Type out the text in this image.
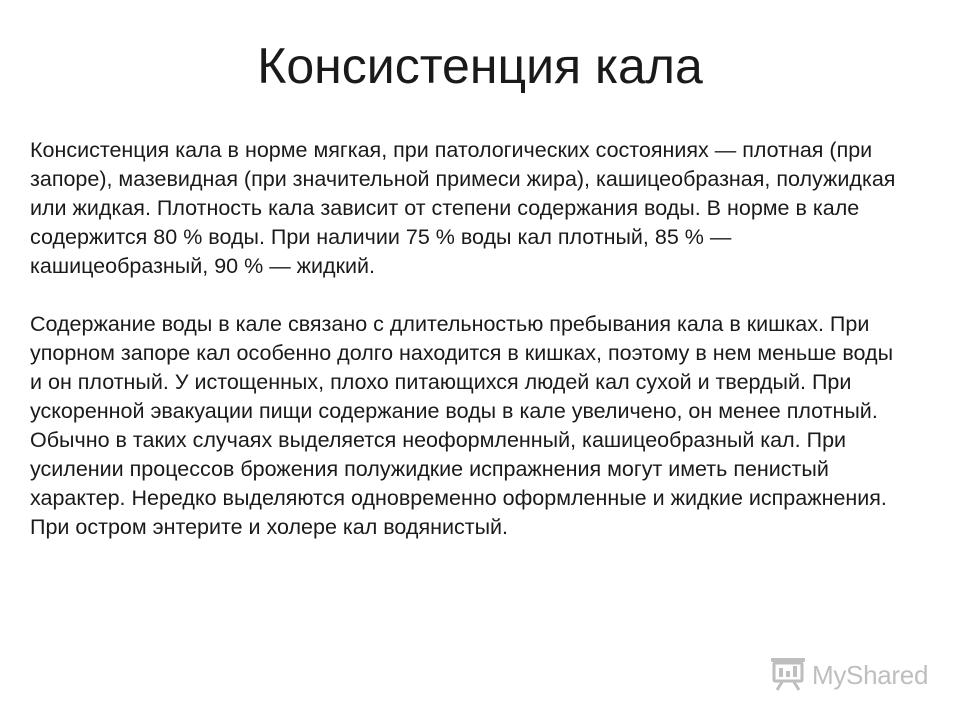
Консистенция кала

Консистенция кала в норме мягкая, при патологических состояниях — плотная (при запоре), мазевидная (при значительной примеси жира), кашицеобразная, полужидкая или жидкая. Плотность кала зависит от степени содержания воды. В норме в кале содержится 80 % воды. При наличии 75 % воды кал плотный, 85 % — кашицеобразный, 90 % — жидкий.

Содержание воды в кале связано с длительностью пребывания кала в кишках. При упорном запоре кал особенно долго находится в кишках, поэтому в нем меньше воды и он плотный. У истощенных, плохо питающихся людей кал сухой и твердый. При ускоренной эвакуации пищи содержание воды в кале увеличено, он менее плотный. Обычно в таких случаях выделяется неоформленный, кашицеобразный кал. При усилении процессов брожения полужидкие испражнения могут иметь пенистый характер. Нередко выделяются одновременно оформленные и жидкие испражнения. При остром энтерите и холере кал водянистый.

MyShared
